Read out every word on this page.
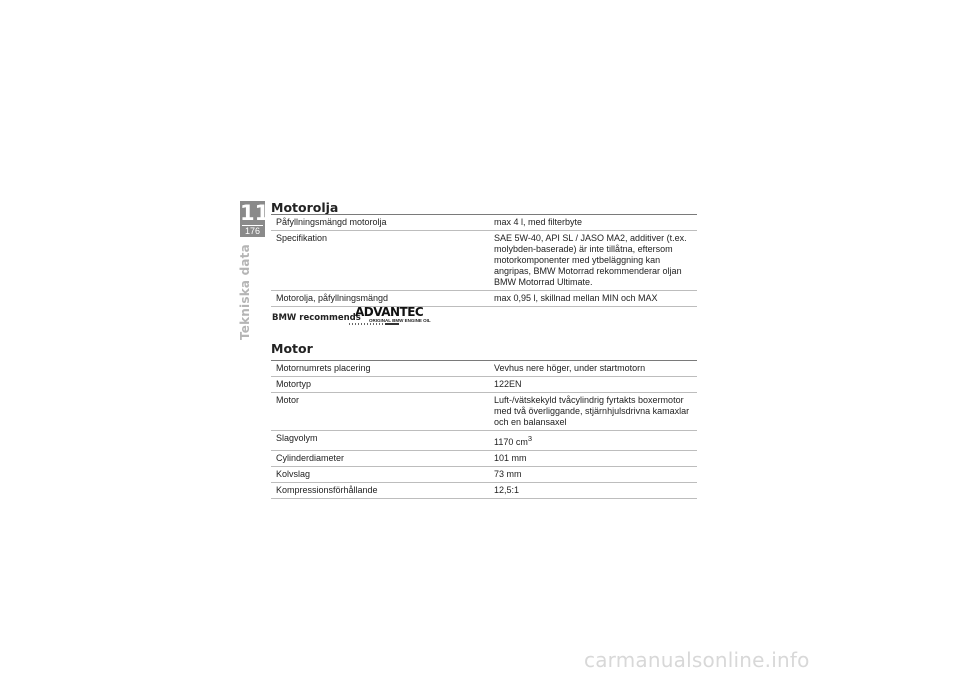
11
176
Tekniska data
Motorolja
Påfyllningsmängd motorolja	max 4 l, med filterbyte
Specifikation	SAE 5W-40, API SL / JASO MA2, additiver (t.ex. molybden-baserade) är inte tillåtna, eftersom motorkomponenter med ytbeläggning kan angripas, BMW Motorrad rekommenderar oljan BMW Motorrad Ultimate.
Motorolja, påfyllningsmängd	max 0,95 l, skillnad mellan MIN och MAX
BMW recommends
ADVANTEC
ORIGINAL BMW ENGINE OIL
Motor
Motornumrets placering	Vevhus nere höger, under startmotorn
Motortyp	122EN
Motor	Luft-/vätskekyld tvåcylindrig fyrtakts boxermotor med två överliggande, stjärnhjulsdrivna kamaxlar och en balansaxel
Slagvolym	1170 $cm^3$
Cylinderdiameter	101 mm
Kolvslag	73 mm
Kompressionsförhållande	12,5:1
carmanualsonline.info
